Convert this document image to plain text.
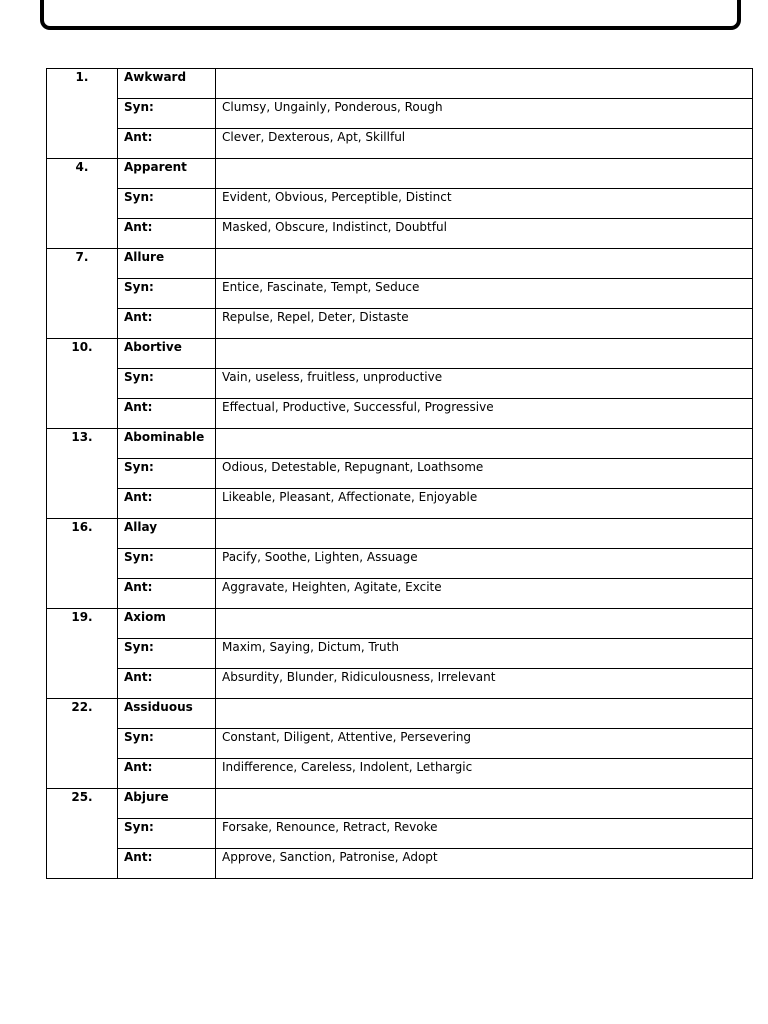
1.	Awkward	
	Syn:	Clumsy, Ungainly, Ponderous, Rough
	Ant:	Clever, Dexterous, Apt, Skillful
4.	Apparent	
	Syn:	Evident, Obvious, Perceptible, Distinct
	Ant:	Masked, Obscure, Indistinct, Doubtful
7.	Allure	
	Syn:	Entice, Fascinate, Tempt, Seduce
	Ant:	Repulse, Repel, Deter, Distaste
10.	Abortive	
	Syn:	Vain, useless, fruitless, unproductive
	Ant:	Effectual, Productive, Successful, Progressive
13.	Abominable	
	Syn:	Odious, Detestable, Repugnant, Loathsome
	Ant:	Likeable, Pleasant, Affectionate, Enjoyable
16.	Allay	
	Syn:	Pacify, Soothe, Lighten, Assuage
	Ant:	Aggravate, Heighten, Agitate, Excite
19.	Axiom	
	Syn:	Maxim, Saying, Dictum, Truth
	Ant:	Absurdity, Blunder, Ridiculousness, Irrelevant
22.	Assiduous	
	Syn:	Constant, Diligent, Attentive, Persevering
	Ant:	Indifference, Careless, Indolent, Lethargic
25.	Abjure	
	Syn:	Forsake, Renounce, Retract, Revoke
	Ant:	Approve, Sanction, Patronise, Adopt
